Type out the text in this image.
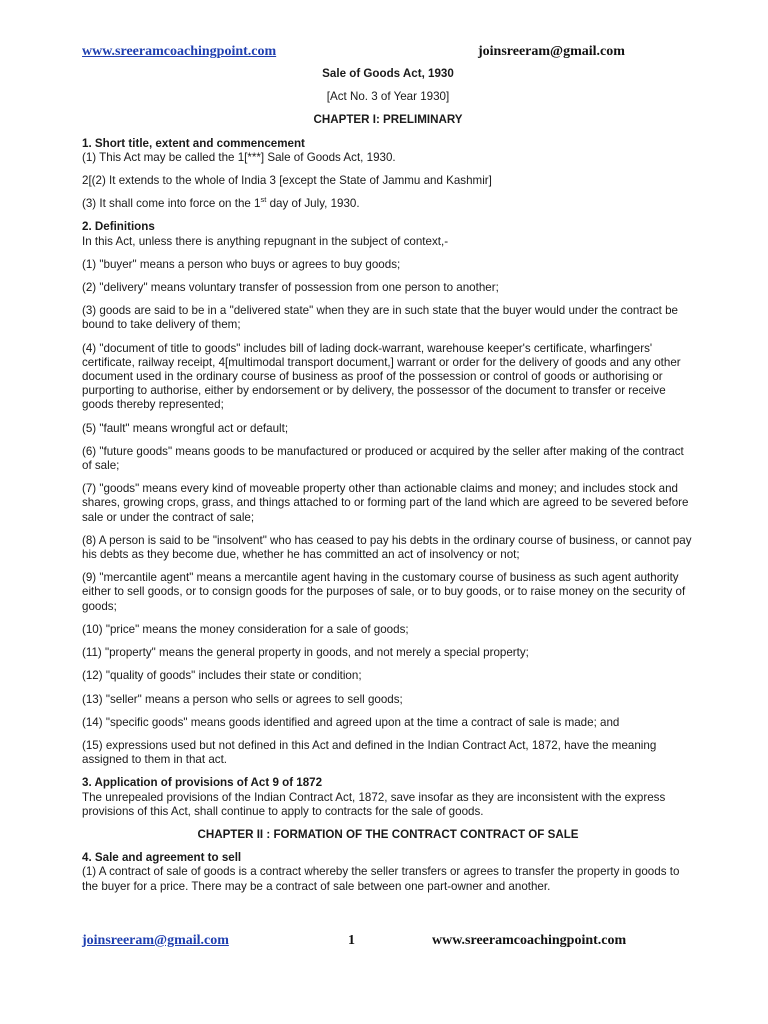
www.sreeramcoachingpoint.com	joinsreeram@gmail.com

Sale of Goods Act, 1930

[Act No. 3 of Year 1930]

CHAPTER I: PRELIMINARY

1. Short title, extent and commencement

(1) This Act may be called the 1[***] Sale of Goods Act, 1930.

2[(2) It extends to the whole of India 3 [except the State of Jammu and Kashmir]

(3) It shall come into force on the 1st day of July, 1930.

2. Definitions

In this Act, unless there is anything repugnant in the subject of context,-

(1) "buyer" means a person who buys or agrees to buy goods;

(2) "delivery" means voluntary transfer of possession from one person to another;

(3) goods are said to be in a "delivered state" when they are in such state that the buyer would under the contract be bound to take delivery of them;

(4) "document of title to goods" includes bill of lading dock-warrant, warehouse keeper's certificate, wharfingers' certificate, railway receipt, 4[multimodal transport document,] warrant or order for the delivery of goods and any other document used in the ordinary course of business as proof of the possession or control of goods or authorising or purporting to authorise, either by endorsement or by delivery, the possessor of the document to transfer or receive goods thereby represented;

(5) "fault" means wrongful act or default;

(6) "future goods" means goods to be manufactured or produced or acquired by the seller after making of the contract of sale;

(7) "goods" means every kind of moveable property other than actionable claims and money; and includes stock and shares, growing crops, grass, and things attached to or forming part of the land which are agreed to be severed before sale or under the contract of sale;

(8) A person is said to be "insolvent" who has ceased to pay his debts in the ordinary course of business, or cannot pay his debts as they become due, whether he has committed an act of insolvency or not;

(9) "mercantile agent" means a mercantile agent having in the customary course of business as such agent authority either to sell goods, or to consign goods for the purposes of sale, or to buy goods, or to raise money on the security of goods;

(10) "price" means the money consideration for a sale of goods;

(11) "property" means the general property in goods, and not merely a special property;

(12) "quality of goods" includes their state or condition;

(13) "seller" means a person who sells or agrees to sell goods;

(14) "specific goods" means goods identified and agreed upon at the time a contract of sale is made; and

(15) expressions used but not defined in this Act and defined in the Indian Contract Act, 1872, have the meaning assigned to them in that act.

3. Application of provisions of Act 9 of 1872

The unrepealed provisions of the Indian Contract Act, 1872, save insofar as they are inconsistent with the express provisions of this Act, shall continue to apply to contracts for the sale of goods.

CHAPTER II : FORMATION OF THE CONTRACT CONTRACT OF SALE

4. Sale and agreement to sell

(1) A contract of sale of goods is a contract whereby the seller transfers or agrees to transfer the property in goods to the buyer for a price. There may be a contract of sale between one part-owner and another.

joinsreeram@gmail.com	1	www.sreeramcoachingpoint.com
